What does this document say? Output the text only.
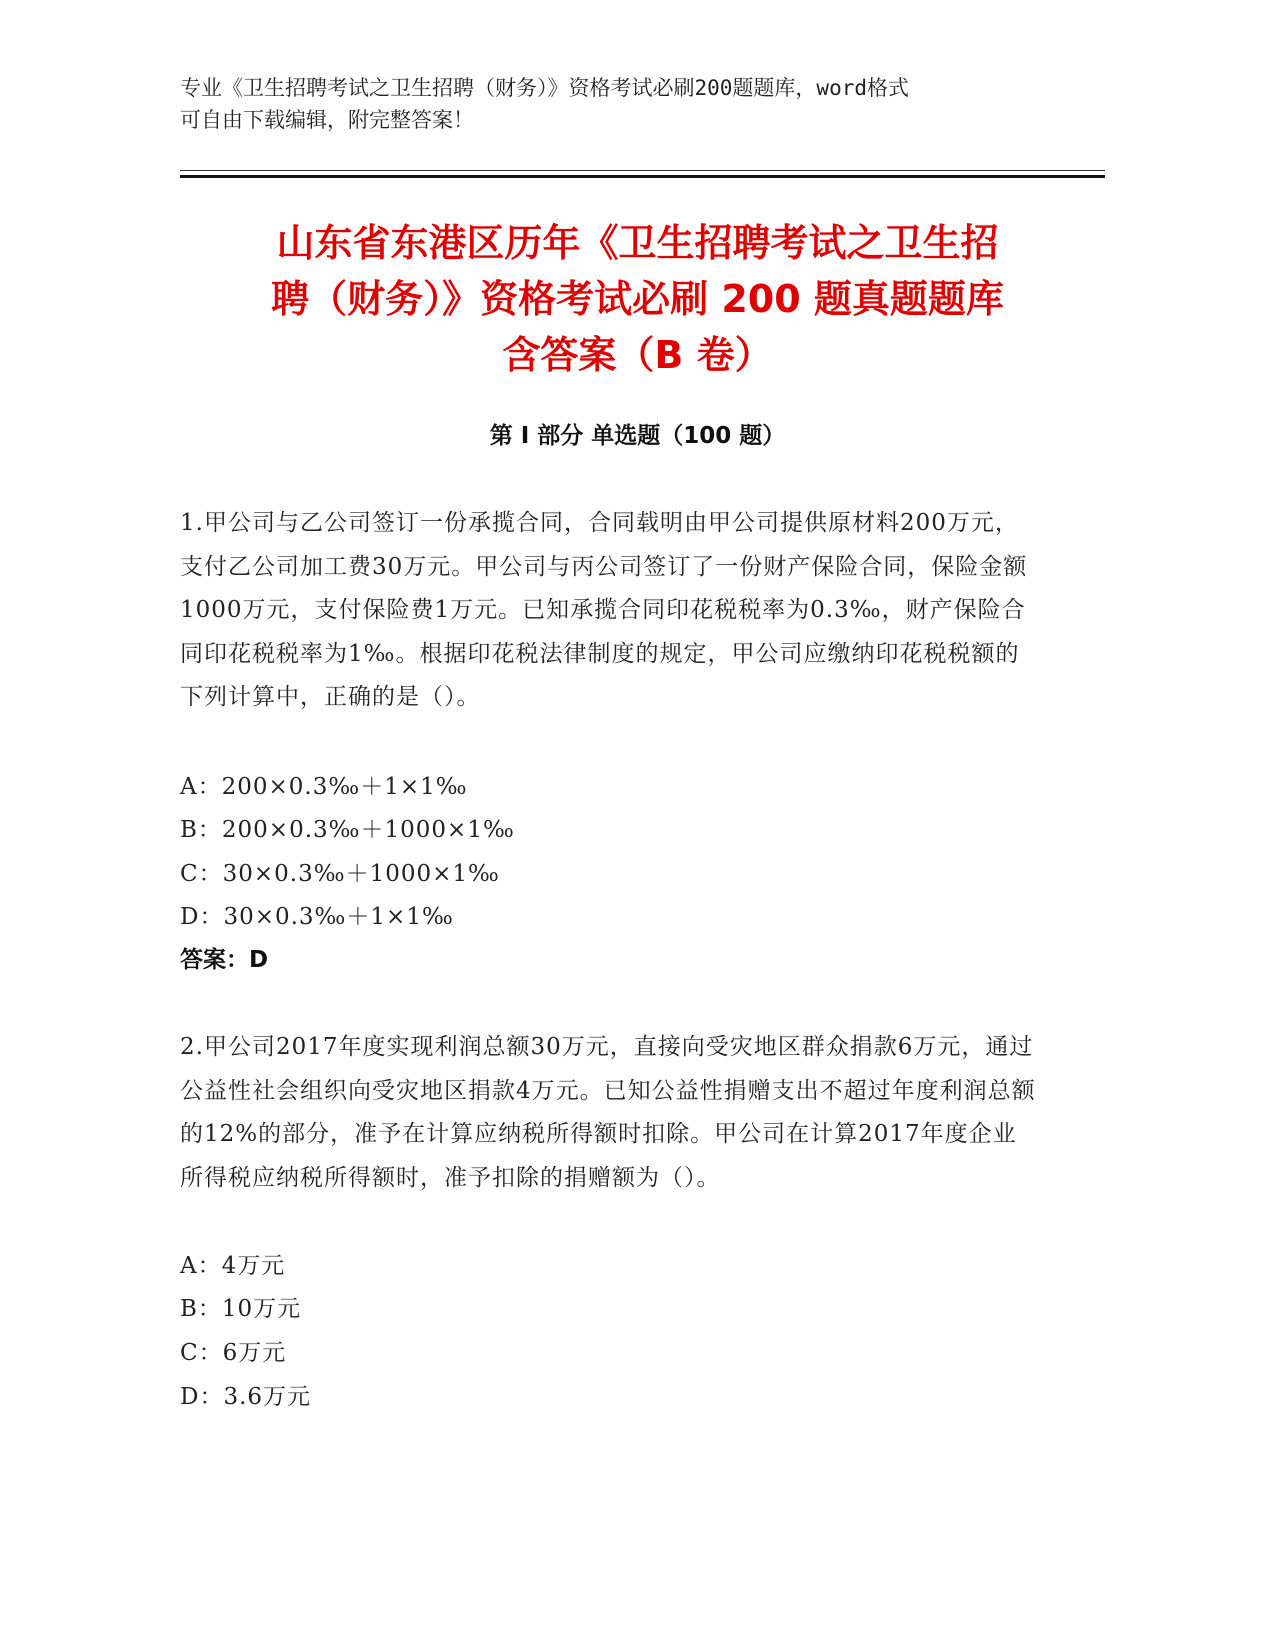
专业《卫生招聘考试之卫生招聘（财务）》资格考试必刷200题题库，word格式
可自由下载编辑，附完整答案！
山东省东港区历年《卫生招聘考试之卫生招
聘（财务）》资格考试必刷 200 题真题题库
含答案（B 卷）
第 I 部分 单选题（100 题）
1.甲公司与乙公司签订一份承揽合同，合同载明由甲公司提供原材料200万元，支付乙公司加工费30万元。甲公司与丙公司签订了一份财产保险合同，保险金额1000万元，支付保险费1万元。已知承揽合同印花税税率为0.3‰，财产保险合同印花税税率为1‰。根据印花税法律制度的规定，甲公司应缴纳印花税税额的下列计算中，正确的是（）。
A：200×0.3‰＋1×1‰
B：200×0.3‰＋1000×1‰
C：30×0.3‰＋1000×1‰
D：30×0.3‰＋1×1‰
答案：D
2.甲公司2017年度实现利润总额30万元，直接向受灾地区群众捐款6万元，通过公益性社会组织向受灾地区捐款4万元。已知公益性捐赠支出不超过年度利润总额的12%的部分，准予在计算应纳税所得额时扣除。甲公司在计算2017年度企业所得税应纳税所得额时，准予扣除的捐赠额为（）。
A：4万元
B：10万元
C：6万元
D：3.6万元
